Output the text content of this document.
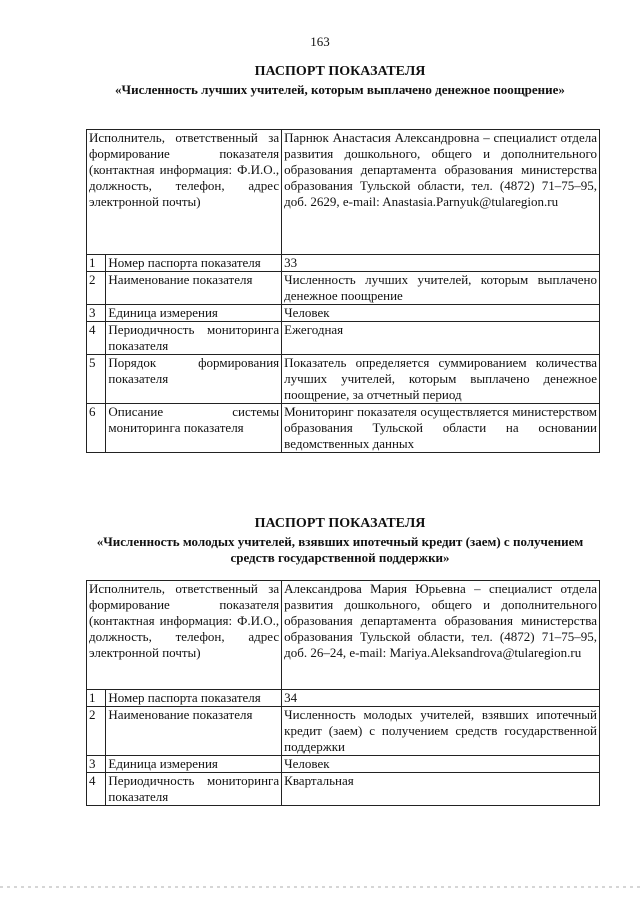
163
ПАСПОРТ ПОКАЗАТЕЛЯ
«Численность лучших учителей, которым выплачено денежное поощрение»

Исполнитель, ответственный за формирование показателя (контактная информация: Ф.И.О., должность, телефон, адрес электронной почты)		Парнюк Анастасия Александровна – специалист отдела развития дошкольного, общего и дополнительного образования департамента образования министерства образования Тульской области, тел. (4872) 71–75–95, доб. 2629, e-mail: Anastasia.Parnyuk@tularegion.ru
1	Номер паспорта показателя	33
2	Наименование показателя	Численность лучших учителей, которым выплачено денежное поощрение
3	Единица измерения	Человек
4	Периодичность мониторинга показателя	Ежегодная
5	Порядок формирования показателя	Показатель определяется суммированием количества лучших учителей, которым выплачено денежное поощрение, за отчетный период
6	Описание системы мониторинга показателя	Мониторинг показателя осуществляется министерством образования Тульской области на основании ведомственных данных
ПАСПОРТ ПОКАЗАТЕЛЯ
«Численность молодых учителей, взявших ипотечный кредит (заем) с получением средств государственной поддержки»

Исполнитель, ответственный за формирование показателя (контактная информация: Ф.И.О., должность, телефон, адрес электронной почты)		Александрова Мария Юрьевна – специалист отдела развития дошкольного, общего и дополнительного образования департамента образования министерства образования Тульской области, тел. (4872) 71–75–95, доб. 26–24, e-mail: Mariya.Aleksandrova@tularegion.ru
1	Номер паспорта показателя	34
2	Наименование показателя	Численность молодых учителей, взявших ипотечный кредит (заем) с получением средств государственной поддержки
3	Единица измерения	Человек
4	Периодичность мониторинга показателя	Квартальная
